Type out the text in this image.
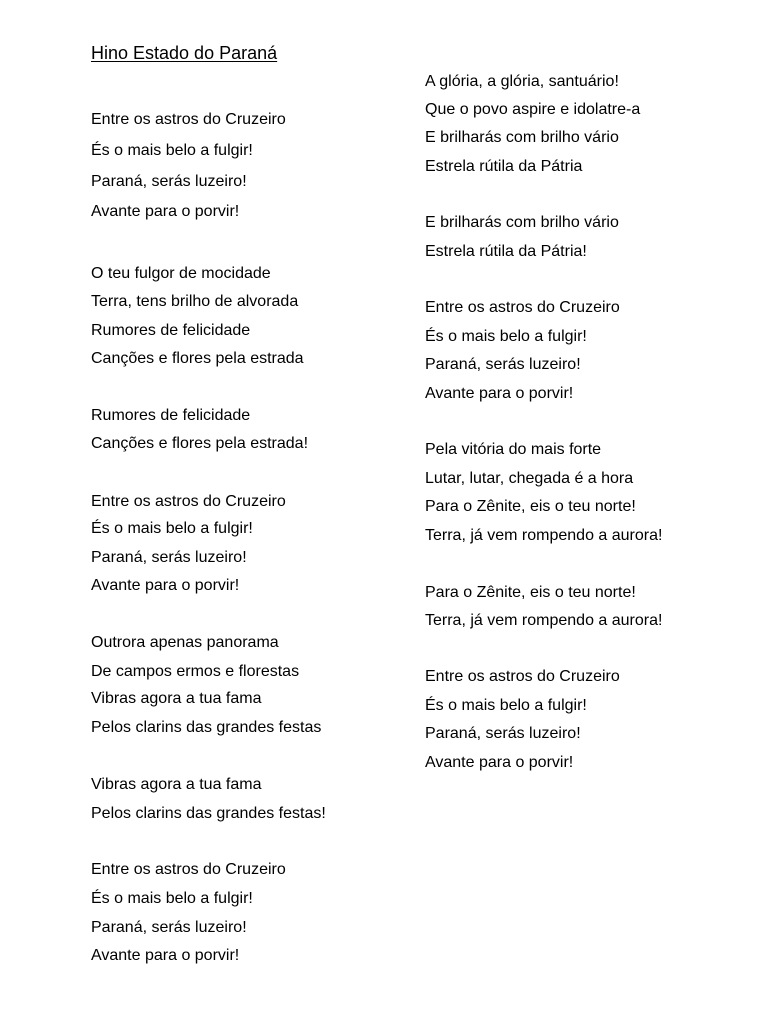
Hino Estado do Paraná
Entre os astros do Cruzeiro
És o mais belo a fulgir!
Paraná, serás luzeiro!
Avante para o porvir!
O teu fulgor de mocidade
Terra, tens brilho de alvorada
Rumores de felicidade
Canções e flores pela estrada
Rumores de felicidade
Canções e flores pela estrada!
Entre os astros do Cruzeiro
És o mais belo a fulgir!
Paraná, serás luzeiro!
Avante para o porvir!
Outrora apenas panorama
De campos ermos e florestas
Vibras agora a tua fama
Pelos clarins das grandes festas
Vibras agora a tua fama
Pelos clarins das grandes festas!
Entre os astros do Cruzeiro
És o mais belo a fulgir!
Paraná, serás luzeiro!
Avante para o porvir!
A glória, a glória, santuário!
Que o povo aspire e idolatre-a
E brilharás com brilho vário
Estrela rútila da Pátria
E brilharás com brilho vário
Estrela rútila da Pátria!
Entre os astros do Cruzeiro
És o mais belo a fulgir!
Paraná, serás luzeiro!
Avante para o porvir!
Pela vitória do mais forte
Lutar, lutar, chegada é a hora
Para o Zênite, eis o teu norte!
Terra, já vem rompendo a aurora!
Para o Zênite, eis o teu norte!
Terra, já vem rompendo a aurora!
Entre os astros do Cruzeiro
És o mais belo a fulgir!
Paraná, serás luzeiro!
Avante para o porvir!
